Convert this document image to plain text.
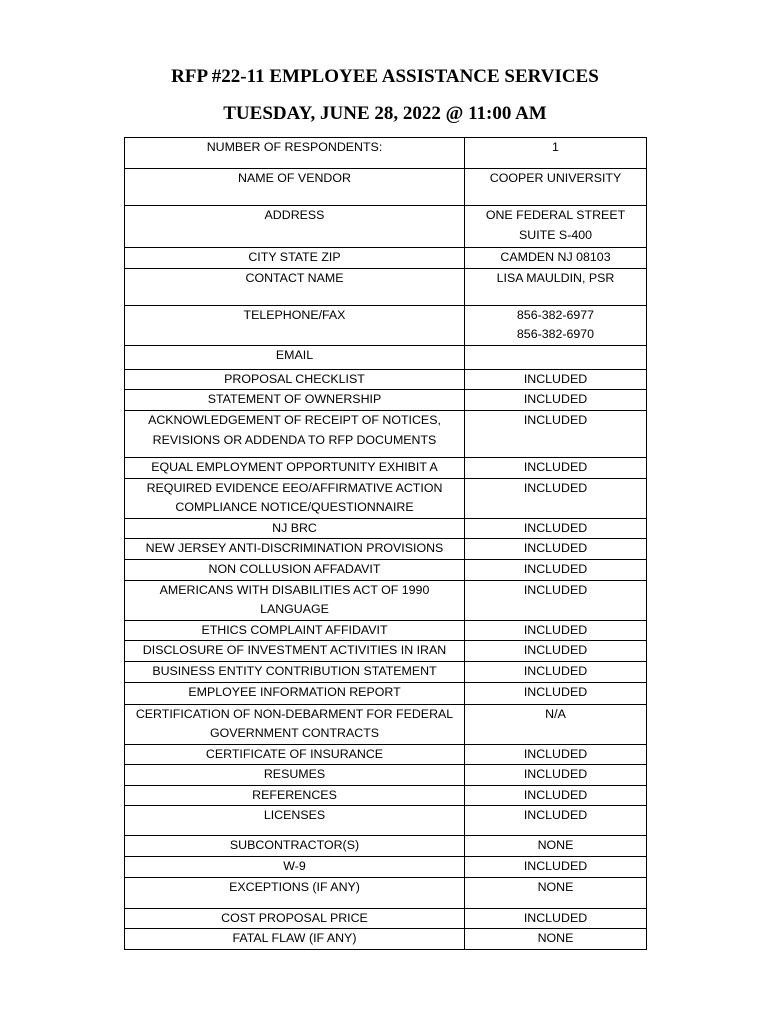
RFP #22-11 EMPLOYEE ASSISTANCE SERVICES
TUESDAY, JUNE 28, 2022 @ 11:00 AM
NUMBER OF RESPONDENTS:	1

NAME OF VENDOR	COOPER UNIVERSITY

ADDRESS	ONE FEDERAL STREET
SUITE S-400

CITY STATE ZIP	CAMDEN NJ 08103

CONTACT NAME	LISA MAULDIN, PSR

TELEPHONE/FAX	856-382-6977
856-382-6970

EMAIL	

PROPOSAL CHECKLIST	INCLUDED

STATEMENT OF OWNERSHIP	INCLUDED

ACKNOWLEDGEMENT OF RECEIPT OF NOTICES,
REVISIONS OR ADDENDA TO RFP DOCUMENTS	INCLUDED

EQUAL EMPLOYMENT OPPORTUNITY EXHIBIT A	INCLUDED

REQUIRED EVIDENCE EEO/AFFIRMATIVE ACTION
COMPLIANCE NOTICE/QUESTIONNAIRE	INCLUDED

NJ BRC	INCLUDED

NEW JERSEY ANTI-DISCRIMINATION PROVISIONS	INCLUDED

NON COLLUSION AFFADAVIT	INCLUDED

AMERICANS WITH DISABILITIES ACT OF 1990
LANGUAGE	INCLUDED

ETHICS COMPLAINT AFFIDAVIT	INCLUDED

DISCLOSURE OF INVESTMENT ACTIVITIES IN IRAN	INCLUDED

BUSINESS ENTITY CONTRIBUTION STATEMENT	INCLUDED

EMPLOYEE INFORMATION REPORT	INCLUDED

CERTIFICATION OF NON-DEBARMENT FOR FEDERAL
GOVERNMENT CONTRACTS	N/A

CERTIFICATE OF INSURANCE	INCLUDED

RESUMES	INCLUDED

REFERENCES	INCLUDED

LICENSES	INCLUDED

SUBCONTRACTOR(S)	NONE

W-9	INCLUDED

EXCEPTIONS (IF ANY)	NONE

COST PROPOSAL PRICE	INCLUDED

FATAL FLAW (IF ANY)	NONE
